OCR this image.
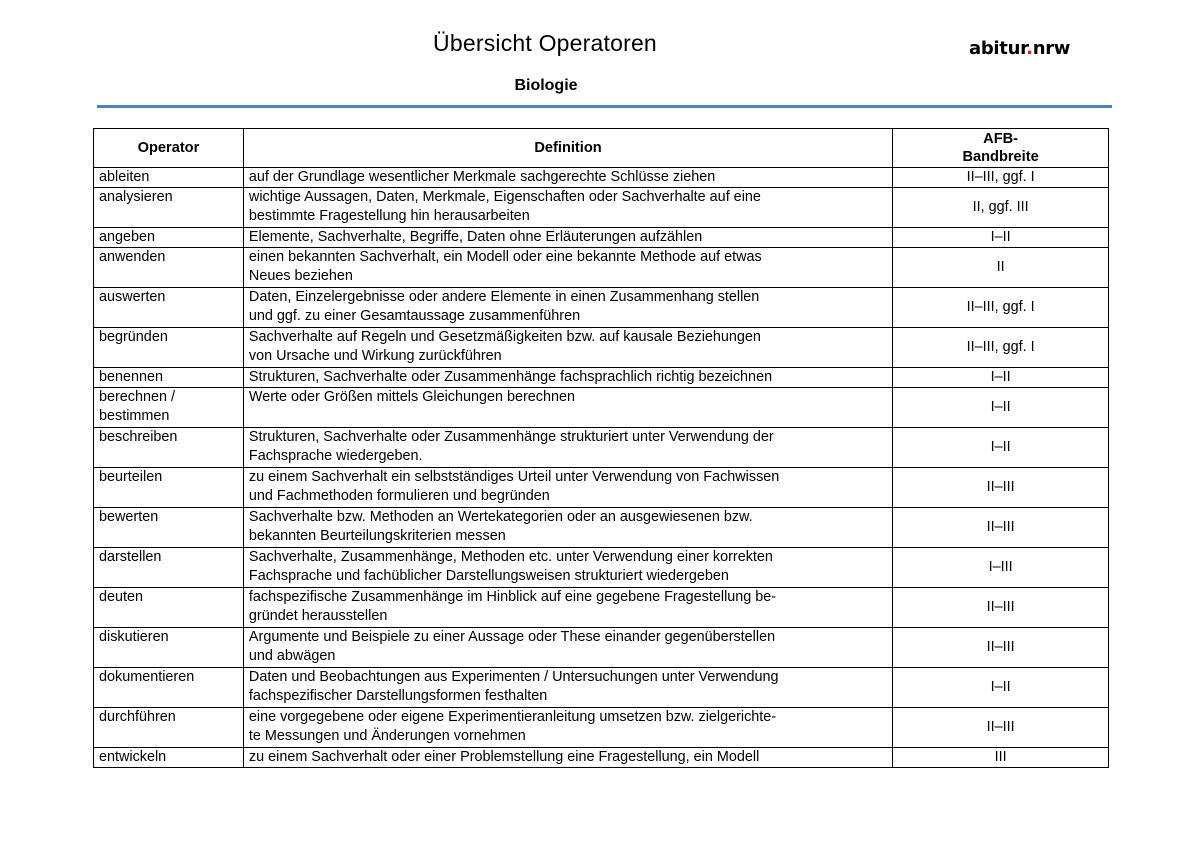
Übersicht Operatoren	abitur.nrw
Biologie
Operator	Definition	AFB-
Bandbreite
ableiten	auf der Grundlage wesentlicher Merkmale sachgerechte Schlüsse ziehen	II–III, ggf. I
analysieren	wichtige Aussagen, Daten, Merkmale, Eigenschaften oder Sachverhalte auf eine
bestimmte Fragestellung hin herausarbeiten	II, ggf. III
angeben	Elemente, Sachverhalte, Begriffe, Daten ohne Erläuterungen aufzählen	I–II
anwenden	einen bekannten Sachverhalt, ein Modell oder eine bekannte Methode auf etwas
Neues beziehen	II
auswerten	Daten, Einzelergebnisse oder andere Elemente in einen Zusammenhang stellen
und ggf. zu einer Gesamtaussage zusammenführen	II–III, ggf. I
begründen	Sachverhalte auf Regeln und Gesetzmäßigkeiten bzw. auf kausale Beziehungen
von Ursache und Wirkung zurückführen	II–III, ggf. I
benennen	Strukturen, Sachverhalte oder Zusammenhänge fachsprachlich richtig bezeichnen	I–II
berechnen /
bestimmen	Werte oder Größen mittels Gleichungen berechnen	I–II
beschreiben	Strukturen, Sachverhalte oder Zusammenhänge strukturiert unter Verwendung der
Fachsprache wiedergeben.	I–II
beurteilen	zu einem Sachverhalt ein selbstständiges Urteil unter Verwendung von Fachwissen
und Fachmethoden formulieren und begründen	II–III
bewerten	Sachverhalte bzw. Methoden an Wertekategorien oder an ausgewiesenen bzw.
bekannten Beurteilungskriterien messen	II–III
darstellen	Sachverhalte, Zusammenhänge, Methoden etc. unter Verwendung einer korrekten
Fachsprache und fachüblicher Darstellungsweisen strukturiert wiedergeben	I–III
deuten	fachspezifische Zusammenhänge im Hinblick auf eine gegebene Fragestellung be-
gründet herausstellen	II–III
diskutieren	Argumente und Beispiele zu einer Aussage oder These einander gegenüberstellen
und abwägen	II–III
dokumentieren	Daten und Beobachtungen aus Experimenten / Untersuchungen unter Verwendung
fachspezifischer Darstellungsformen festhalten	I–II
durchführen	eine vorgegebene oder eigene Experimentieranleitung umsetzen bzw. zielgerichte-
te Messungen und Änderungen vornehmen	II–III
entwickeln	zu einem Sachverhalt oder einer Problemstellung eine Fragestellung, ein Modell	III
